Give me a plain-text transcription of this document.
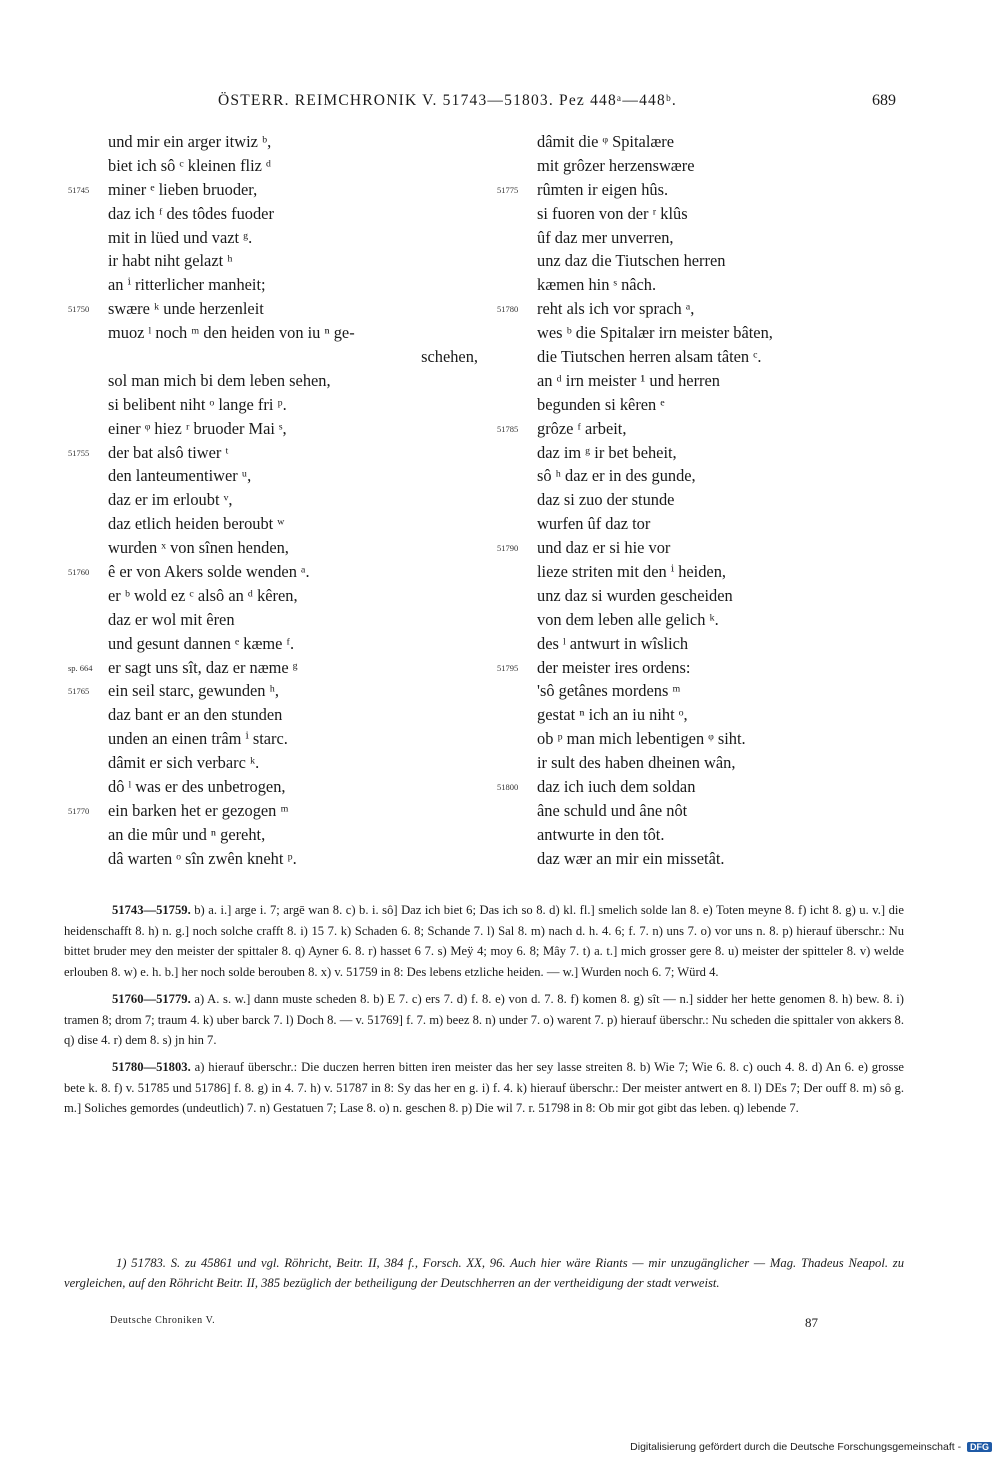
ÖSTERR. REIMCHRONIK V. 51743—51803. Pez 448ᵃ—448ᵇ.	689
und mir ein arger itwiz ᵇ,
biet ich sô ᶜ kleinen fliz ᵈ
51745	miner ᵉ lieben bruoder,
daz ich ᶠ des tôdes fuoder
mit in lüed und vazt ᵍ.
ir habt niht gelazt ʰ
an ⁱ ritterlicher manheit;
51750	swære ᵏ unde herzenleit
muoz ˡ noch ᵐ den heiden von iu ⁿ ge-
schehen,
sol man mich bi dem leben sehen,
si belibent niht ᵒ lange fri ᵖ.
einer ᵠ hiez ʳ bruoder Mai ˢ,
51755	der bat alsô tiwer ᵗ
den lanteumentiwer ᵘ,
daz er im erloubt ᵛ,
daz etlich heiden beroubt ʷ
wurden ˣ von sînen henden,
51760	ê er von Akers solde wenden ᵃ.
er ᵇ wold ez ᶜ alsô an ᵈ kêren,
daz er wol mit êren
und gesunt dannen ᵉ kæme ᶠ.
sp. 664 er sagt uns sît, daz er næme ᵍ
51765	ein seil starc, gewunden ʰ,
daz bant er an den stunden
unden an einen trâm ⁱ starc.
dâmit er sich verbarc ᵏ.
dô ˡ was er des unbetrogen,
51770	ein barken het er gezogen ᵐ
an die mûr und ⁿ gereht,
dâ warten ᵒ sîn zwên kneht ᵖ.
dâmit die ᵠ Spitalære
mit grôzer herzenswære
51775	rûmten ir eigen hûs.
si fuoren von der ʳ klûs
ûf daz mer unverren,
unz daz die Tiutschen herren
kæmen hin ˢ nâch.
51780	reht als ich vor sprach ᵃ,
wes ᵇ die Spitalær irn meister bâten,
die Tiutschen herren alsam tâten ᶜ.
an ᵈ irn meister ¹ und herren
begunden si kêren ᵉ
51785	grôze ᶠ arbeit,
daz im ᵍ ir bet beheit,
sô ʰ daz er in des gunde,
daz si zuo der stunde
wurfen ûf daz tor
51790	und daz er si hie vor
lieze striten mit den ⁱ heiden,
unz daz si wurden gescheiden
von dem leben alle gelich ᵏ.
des ˡ antwurt in wîslich
51795	der meister ires ordens:
'sô getânes mordens ᵐ
gestat ⁿ ich an iu niht ᵒ,
ob ᵖ man mich lebentigen ᵠ siht.
ir sult des haben dheinen wân,
51800	daz ich iuch dem soldan
âne schuld und âne nôt
antwurte in den tôt.
daz wær an mir ein missetât.
51743—51759. b) a. i.] arge i. 7; argē wan 8. c) b. i. sô] Daz ich biet 6; Das ich so 8. d) kl. fl.] smelich solde lan 8. e) Toten meyne 8. f) icht 8. g) u. v.] die heidenschafft 8. h) n. g.] noch solche crafft 8. i) 15 7. k) Schaden 6. 8; Schande 7. l) Sal 8. m) nach d. h. 4. 6; f. 7. n) uns 7. o) vor uns n. 8. p) hierauf überschr.: Nu bittet bruder mey den meister der spittaler 8. q) Ayner 6. 8. r) hasset 6 7. s) Meÿ 4; moy 6. 8; Mây 7. t) a. t.] mich grosser gere 8. u) meister der spitteler 8. v) welde erlouben 8. w) e. h. b.] her noch solde berouben 8. x) v. 51759 in 8: Des lebens etzliche heiden. — w.] Wurden noch 6. 7; Würd 4.
51760—51779. a) A. s. w.] dann muste scheden 8. b) E 7. c) ers 7. d) f. 8. e) von d. 7. 8. f) komen 8. g) sît — n.] sidder her hette genomen 8. h) bew. 8. i) tramen 8; drom 7; traum 4. k) uber barck 7. l) Doch 8. — v. 51769] f. 7. m) beez 8. n) under 7. o) warent 7. p) hierauf überschr.: Nu scheden die spittaler von akkers 8. q) dise 4. r) dem 8. s) jn hin 7.
51780—51803. a) hierauf überschr.: Die duczen herren bitten iren meister das her sey lasse streiten 8. b) Wie 7; Wie 6. 8. c) ouch 4. 8. d) An 6. e) grosse bete k. 8. f) v. 51785 und 51786] f. 8. g) in 4. 7. h) v. 51787 in 8: Sy das her en g. i) f. 4. k) hierauf überschr.: Der meister antwert en 8. l) DEs 7; Der ouff 8. m) sô g. m.] Soliches gemordes (undeutlich) 7. n) Gestatuen 7; Lase 8. o) n. geschen 8. p) Die wil 7. r. 51798 in 8: Ob mir got gibt das leben. q) lebende 7.
1) 51783. S. zu 45861 und vgl. Röhricht, Beitr. II, 384 f., Forsch. XX, 96. Auch hier wäre Riants — mir unzugänglicher — Mag. Thadeus Neapol. zu vergleichen, auf den Röhricht Beitr. II, 385 bezüglich der betheiligung der Deutschherren an der vertheidigung der stadt verweist.
Deutsche Chroniken V.	87
Digitalisierung gefördert durch die Deutsche Forschungsgemeinschaft - DFG
